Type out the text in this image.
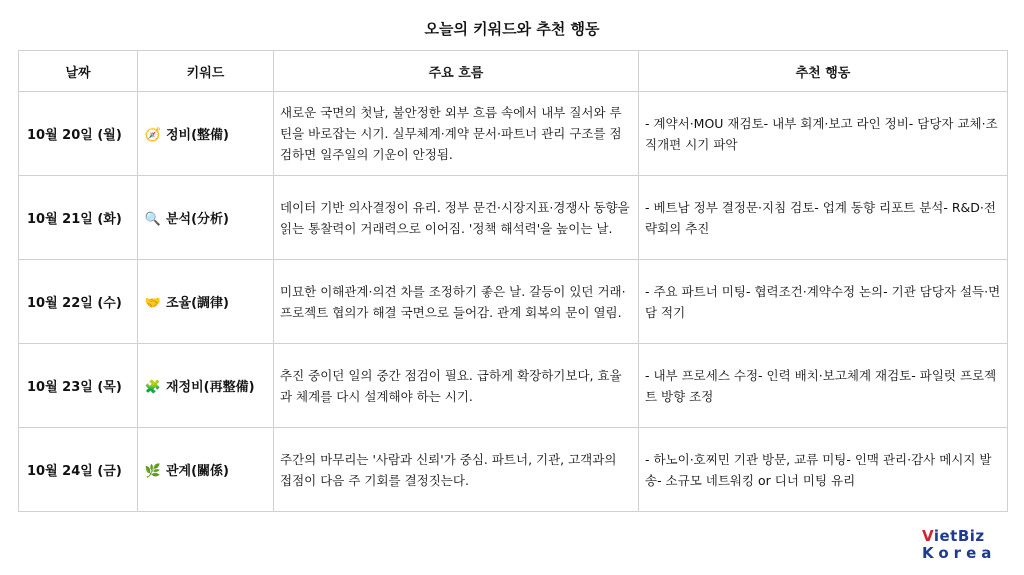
오늘의 키워드와 추천 행동
날짜	키워드	주요 흐름	추천 행동
10월 20일 (월)	🧭 정비(整備)	새로운 국면의 첫날, 불안정한 외부 흐름 속에서 내부 질서와 루틴을 바로잡는 시기. 실무체계·계약 문서·파트너 관리 구조를 점검하면 일주일의 기운이 안정됨.	- 계약서·MOU 재검토- 내부 회계·보고 라인 정비- 담당자 교체·조직개편 시기 파악
10월 21일 (화)	🔍 분석(分析)	데이터 기반 의사결정이 유리. 정부 문건·시장지표·경쟁사 동향을 읽는 통찰력이 거래력으로 이어짐. '정책 해석력'을 높이는 날.	- 베트남 정부 결정문·지침 검토- 업계 동향 리포트 분석- R&D·전략회의 추진
10월 22일 (수)	🤝 조율(調律)	미묘한 이해관계·의견 차를 조정하기 좋은 날. 갈등이 있던 거래·프로젝트 협의가 해결 국면으로 들어감. 관계 회복의 문이 열림.	- 주요 파트너 미팅- 협력조건·계약수정 논의- 기관 담당자 설득·면담 적기
10월 23일 (목)	🧩 재정비(再整備)	추진 중이던 일의 중간 점검이 필요. 급하게 확장하기보다, 효율과 체계를 다시 설계해야 하는 시기.	- 내부 프로세스 수정- 인력 배치·보고체계 재검토- 파일럿 프로젝트 방향 조정
10월 24일 (금)	🌿 관계(關係)	주간의 마무리는 '사람과 신뢰'가 중심. 파트너, 기관, 고객과의 접점이 다음 주 기회를 결정짓는다.	- 하노이·호찌민 기관 방문, 교류 미팅- 인맥 관리·감사 메시지 발송- 소규모 네트워킹 or 디너 미팅 유리
VietBiz
Korea
